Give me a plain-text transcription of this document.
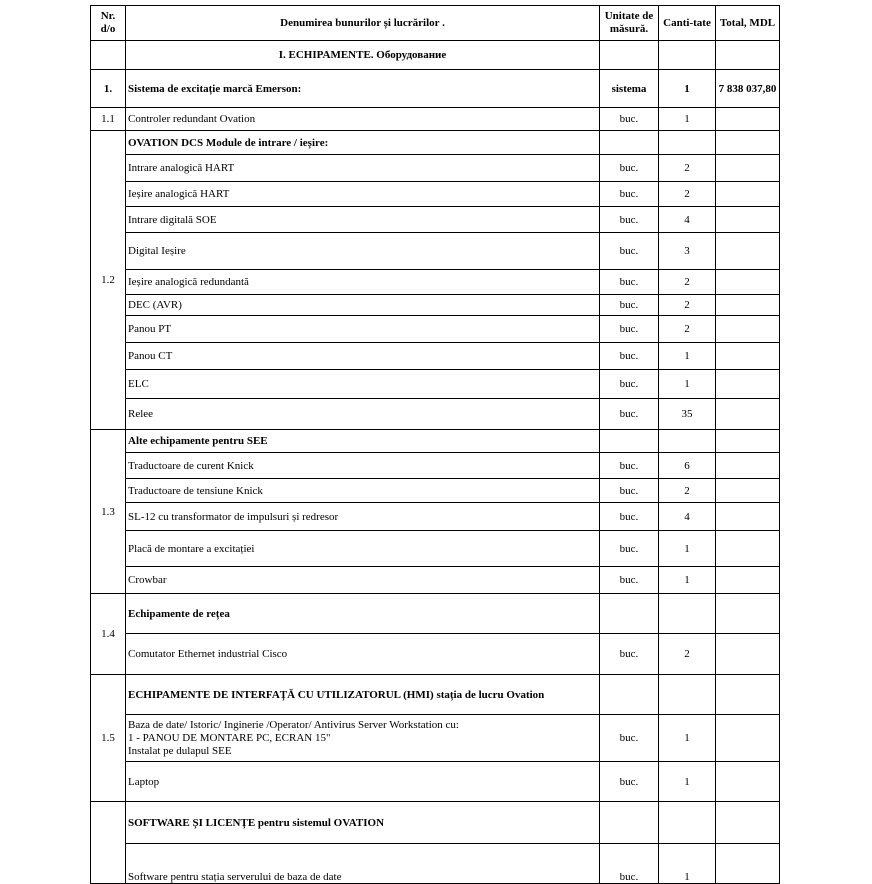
Nr. d/o	Denumirea bunurilor și lucrărilor .	Unitate de măsură.	Canti-tate	Total, MDL
	I. ECHIPAMENTE. Оборудование			
1.	Sistema de excitație marcă Emerson:	sistema	1	7 838 037,80
1.1	Controler redundant Ovation	buc.	1	
1.2	OVATION DCS Module de intrare / ieșire:			
	Intrare analogică HART	buc.	2	
	Ieșire analogică HART	buc.	2	
	Intrare digitală SOE	buc.	4	
	Digital Ieșire	buc.	3	
	Ieșire analogică redundantă	buc.	2	
	DEC (AVR)	buc.	2	
	Panou PT	buc.	2	
	Panou CT	buc.	1	
	ELC	buc.	1	
	Relee	buc.	35	
1.3	Alte echipamente pentru SEE			
	Traductoare de curent Knick	buc.	6	
	Traductoare de tensiune Knick	buc.	2	
	SL-12 cu transformator de impulsuri și redresor	buc.	4	
	Placă de montare a excitației	buc.	1	
	Crowbar	buc.	1	
1.4	Echipamente de rețea			
	Comutator Ethernet industrial Cisco	buc.	2	
1.5	ECHIPAMENTE DE INTERFAȚĂ CU UTILIZATORUL (HMI) stația de lucru Ovation			

	Baza de date/ Istoric/ Inginerie /Operator/ Antivirus Server Workstation cu:
1 - PANOU DE MONTARE PC, ECRAN 15"
Instalat pe dulapul SEE	buc.	1	
	Laptop	buc.	1	
	SOFTWARE ȘI LICENȚE pentru sistemul OVATION			
	Software pentru stația serverului de baza de date	buc.	1	
